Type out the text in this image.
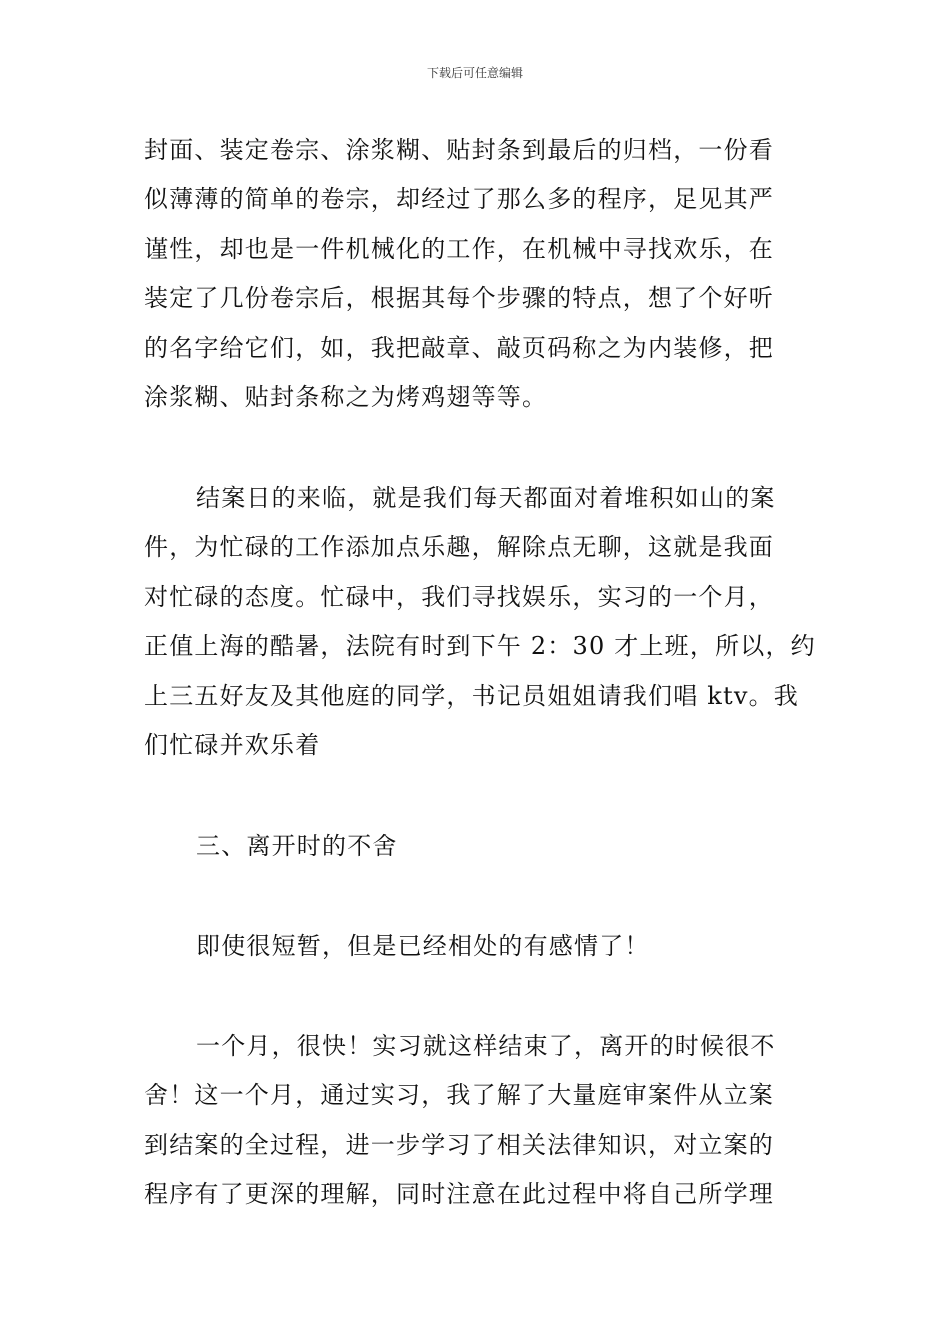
下载后可任意编辑
封面、装定卷宗、涂浆糊、贴封条到最后的归档，一份看
似薄薄的简单的卷宗，却经过了那么多的程序，足见其严
谨性，却也是一件机械化的工作，在机械中寻找欢乐，在
装定了几份卷宗后，根据其每个步骤的特点，想了个好听
的名字给它们，如，我把敲章、敲页码称之为内装修，把
涂浆糊、贴封条称之为烤鸡翅等等。
结案日的来临，就是我们每天都面对着堆积如山的案
件，为忙碌的工作添加点乐趣，解除点无聊，这就是我面
对忙碌的态度。忙碌中，我们寻找娱乐，实习的一个月，
正值上海的酷暑，法院有时到下午 2：30 才上班，所以，约
上三五好友及其他庭的同学，书记员姐姐请我们唱 ktv。我
们忙碌并欢乐着
三、离开时的不舍
即使很短暂，但是已经相处的有感情了！
一个月，很快！实习就这样结束了，离开的时候很不
舍！这一个月，通过实习，我了解了大量庭审案件从立案
到结案的全过程，进一步学习了相关法律知识，对立案的
程序有了更深的理解，同时注意在此过程中将自己所学理
